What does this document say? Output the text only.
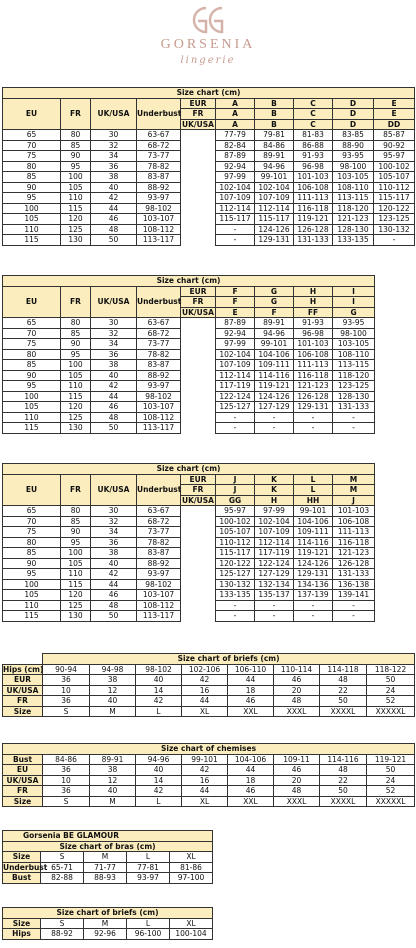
GORSENIA
lingerie
Size chart (cm)									
EU	FR	UK/USA	Underbust	EUR	A	B	C	D	E
				FR	A	B	C	D	E
				UK/USA	A	B	C	D	DD
65	80	30	63-67		77-79	79-81	81-83	83-85	85-87
70	85	32	68-72		82-84	84-86	86-88	88-90	90-92
75	90	34	73-77		87-89	89-91	91-93	93-95	95-97
80	95	36	78-82		92-94	94-96	96-98	98-100	100-102
85	100	38	83-87		97-99	99-101	101-103	103-105	105-107
90	105	40	88-92		102-104	102-104	106-108	108-110	110-112
95	110	42	93-97		107-109	107-109	111-113	113-115	115-117
100	115	44	98-102		112-114	112-114	116-118	118-120	120-122
105	120	46	103-107		115-117	115-117	119-121	121-123	123-125
110	125	48	108-112		-	124-126	126-128	128-130	130-132
115	130	50	113-117		-	129-131	131-133	133-135	-
Size chart (cm)								
EU	FR	UK/USA	Underbust	EUR	F	G	H	I
				FR	F	G	H	I
				UK/USA	E	F	FF	G
65	80	30	63-67		87-89	89-91	91-93	93-95
70	85	32	68-72		92-94	94-96	96-98	98-100
75	90	34	73-77		97-99	99-101	101-103	103-105
80	95	36	78-82		102-104	104-106	106-108	108-110
85	100	38	83-87		107-109	109-111	111-113	113-115
90	105	40	88-92		112-114	114-116	116-118	118-120
95	110	42	93-97		117-119	119-121	121-123	123-125
100	115	44	98-102		122-124	124-126	126-128	128-130
105	120	46	103-107		125-127	127-129	129-131	131-133
110	125	48	108-112		-	-	-	-
115	130	50	113-117		-	-	-	-
Size chart (cm)								
EU	FR	UK/USA	Underbust	EUR	J	K	L	M
				FR	J	K	L	M
				UK/USA	GG	H	HH	J
65	80	30	63-67		95-97	97-99	99-101	101-103
70	85	32	68-72		100-102	102-104	104-106	106-108
75	90	34	73-77		105-107	107-109	109-111	111-113
80	95	36	78-82		110-112	112-114	114-116	116-118
85	100	38	83-87		115-117	117-119	119-121	121-123
90	105	40	88-92		120-122	122-124	124-126	126-128
95	110	42	93-97		125-127	127-129	129-131	131-133
100	115	44	98-102		130-132	132-134	134-136	136-138
105	120	46	103-107		133-135	135-137	137-139	139-141
110	125	48	108-112		-	-	-	-
115	130	50	113-117		-	-	-	-
	Size chart of briefs (cm)							
Hips (cm)	90-94	94-98	98-102	102-106	106-110	110-114	114-118	118-122
EUR	36	38	40	42	44	46	48	50
UK/USA	10	12	14	16	18	20	22	24
FR	36	40	42	44	46	48	50	52
Size	S	M	L	XL	XXL	XXXL	XXXXL	XXXXXL
Size chart of chemises								
Bust	84-86	89-91	94-96	99-101	104-106	109-11	114-116	119-121
EU	36	38	40	42	44	46	48	50
UK/USA	10	12	14	16	18	20	22	24
FR	36	40	42	44	46	48	50	52
Size	S	M	L	XL	XXL	XXXL	XXXXL	XXXXXL
Gorsenia BE GLAMOUR				
Size chart of bras (cm)				
Size	S	M	L	XL
Underbust	65-71	71-77	77-81	81-86
Bust	82-88	88-93	93-97	97-100
Size chart of briefs (cm)				
Size	S	M	L	XL
Hips	88-92	92-96	96-100	100-104
